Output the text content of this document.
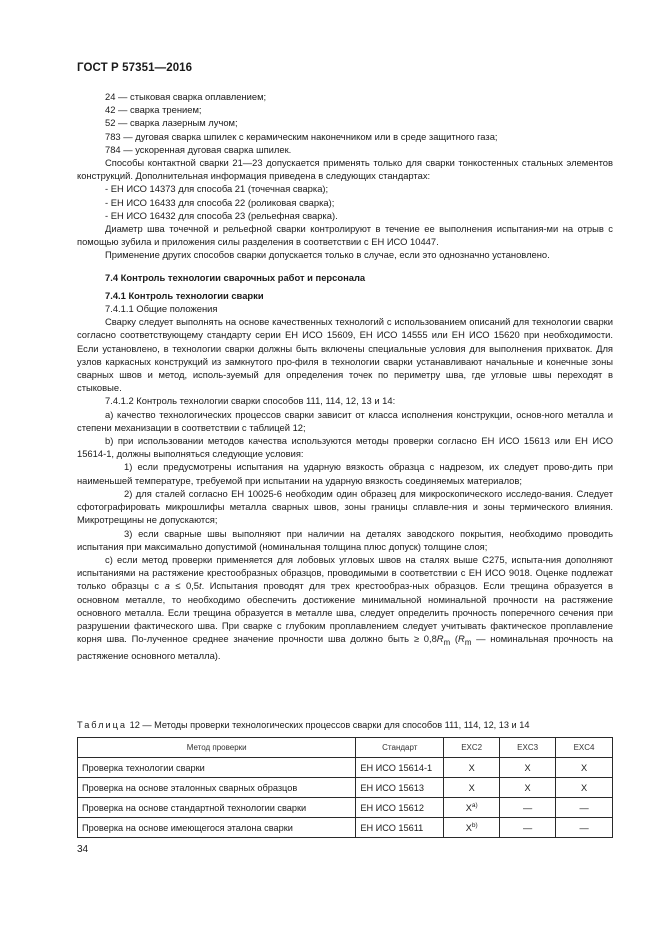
ГОСТ Р 57351—2016

24 — стыковая сварка оплавлением;

42 — сварка трением;

52 — сварка лазерным лучом;

783 — дуговая сварка шпилек с керамическим наконечником или в среде защитного газа;

784 — ускоренная дуговая сварка шпилек.

Способы контактной сварки 21—23 допускается применять только для сварки тонкостенных стальных элементов конструкций. Дополнительная информация приведена в следующих стандартах:

- ЕН ИСО 14373 для способа 21 (точечная сварка);

- ЕН ИСО 16433 для способа 22 (роликовая сварка);

- ЕН ИСО 16432 для способа 23 (рельефная сварка).

Диаметр шва точечной и рельефной сварки контролируют в течение ее выполнения испытания-ми на отрыв с помощью зубила и приложения силы разделения в соответствии с ЕН ИСО 10447.

Применение других способов сварки допускается только в случае, если это однозначно установлено.

7.4 Контроль технологии сварочных работ и персонала

7.4.1 Контроль технологии сварки

7.4.1.1 Общие положения

Сварку следует выполнять на основе качественных технологий с использованием описаний для технологии сварки согласно соответствующему стандарту серии ЕН ИСО 15609, ЕН ИСО 14555 или ЕН ИСО 15620 при необходимости. Если установлено, в технологии сварки должны быть включены специальные условия для выполнения прихваток. Для узлов каркасных конструкций из замкнутого про-филя в технологии сварки устанавливают начальные и конечные зоны сварных швов и метод, исполь-зуемый для определения точек по периметру шва, где угловые швы переходят в стыковые.

7.4.1.2 Контроль технологии сварки способов 111, 114, 12, 13 и 14:

а) качество технологических процессов сварки зависит от класса исполнения конструкции, основ-ного металла и степени механизации в соответствии с таблицей 12;

b) при использовании методов качества используются методы проверки согласно ЕН ИСО 15613 или ЕН ИСО 15614-1, должны выполняться следующие условия:

1) если предусмотрены испытания на ударную вязкость образца с надрезом, их следует прово-дить при наименьшей температуре, требуемой при испытании на ударную вязкость соединяемых материалов;

2) для сталей согласно ЕН 10025-6 необходим один образец для микроскопического исследо-вания. Следует сфотографировать микрошлифы металла сварных швов, зоны границы сплавле-ния и зоны термического влияния. Микротрещины не допускаются;

3) если сварные швы выполняют при наличии на деталях заводского покрытия, необходимо проводить испытания при максимально допустимой (номинальная толщина плюс допуск) толщине слоя;

c) если метод проверки применяется для лобовых угловых швов на сталях выше С275, испыта-ния дополняют испытаниями на растяжение крестообразных образцов, проводимыми в соответствии с ЕН ИСО 9018. Оценке подлежат только образцы с a ≤ 0,5t. Испытания проводят для трех крестообраз-ных образцов. Если трещина образуется в основном металле, то необходимо обеспечить достижение минимальной номинальной прочности на растяжение основного металла. Если трещина образуется в металле шва, следует определить прочность поперечного сечения при разрушении фактического шва. При сварке с глубоким проплавлением следует учитывать фактическое проплавление корня шва. По-лученное среднее значение прочности шва должно быть ≥ $0,8R_m$ ($R_m$ — номинальная прочность на растяжение основного металла).

Таблица 12 — Методы проверки технологических процессов сварки для способов 111, 114, 12, 13 и 14
Метод проверки	Стандарт	EXC2	EXC3	EXC4
Проверка технологии сварки	ЕН ИСО 15614-1	X	X	X
Проверка на основе эталонных сварных образцов	ЕН ИСО 15613	X	X	X
Проверка на основе стандартной технологии сварки	ЕН ИСО 15612	$X^{a)}$	—	—
Проверка на основе имеющегося эталона сварки	ЕН ИСО 15611	$X^{b)}$	—	—
34
